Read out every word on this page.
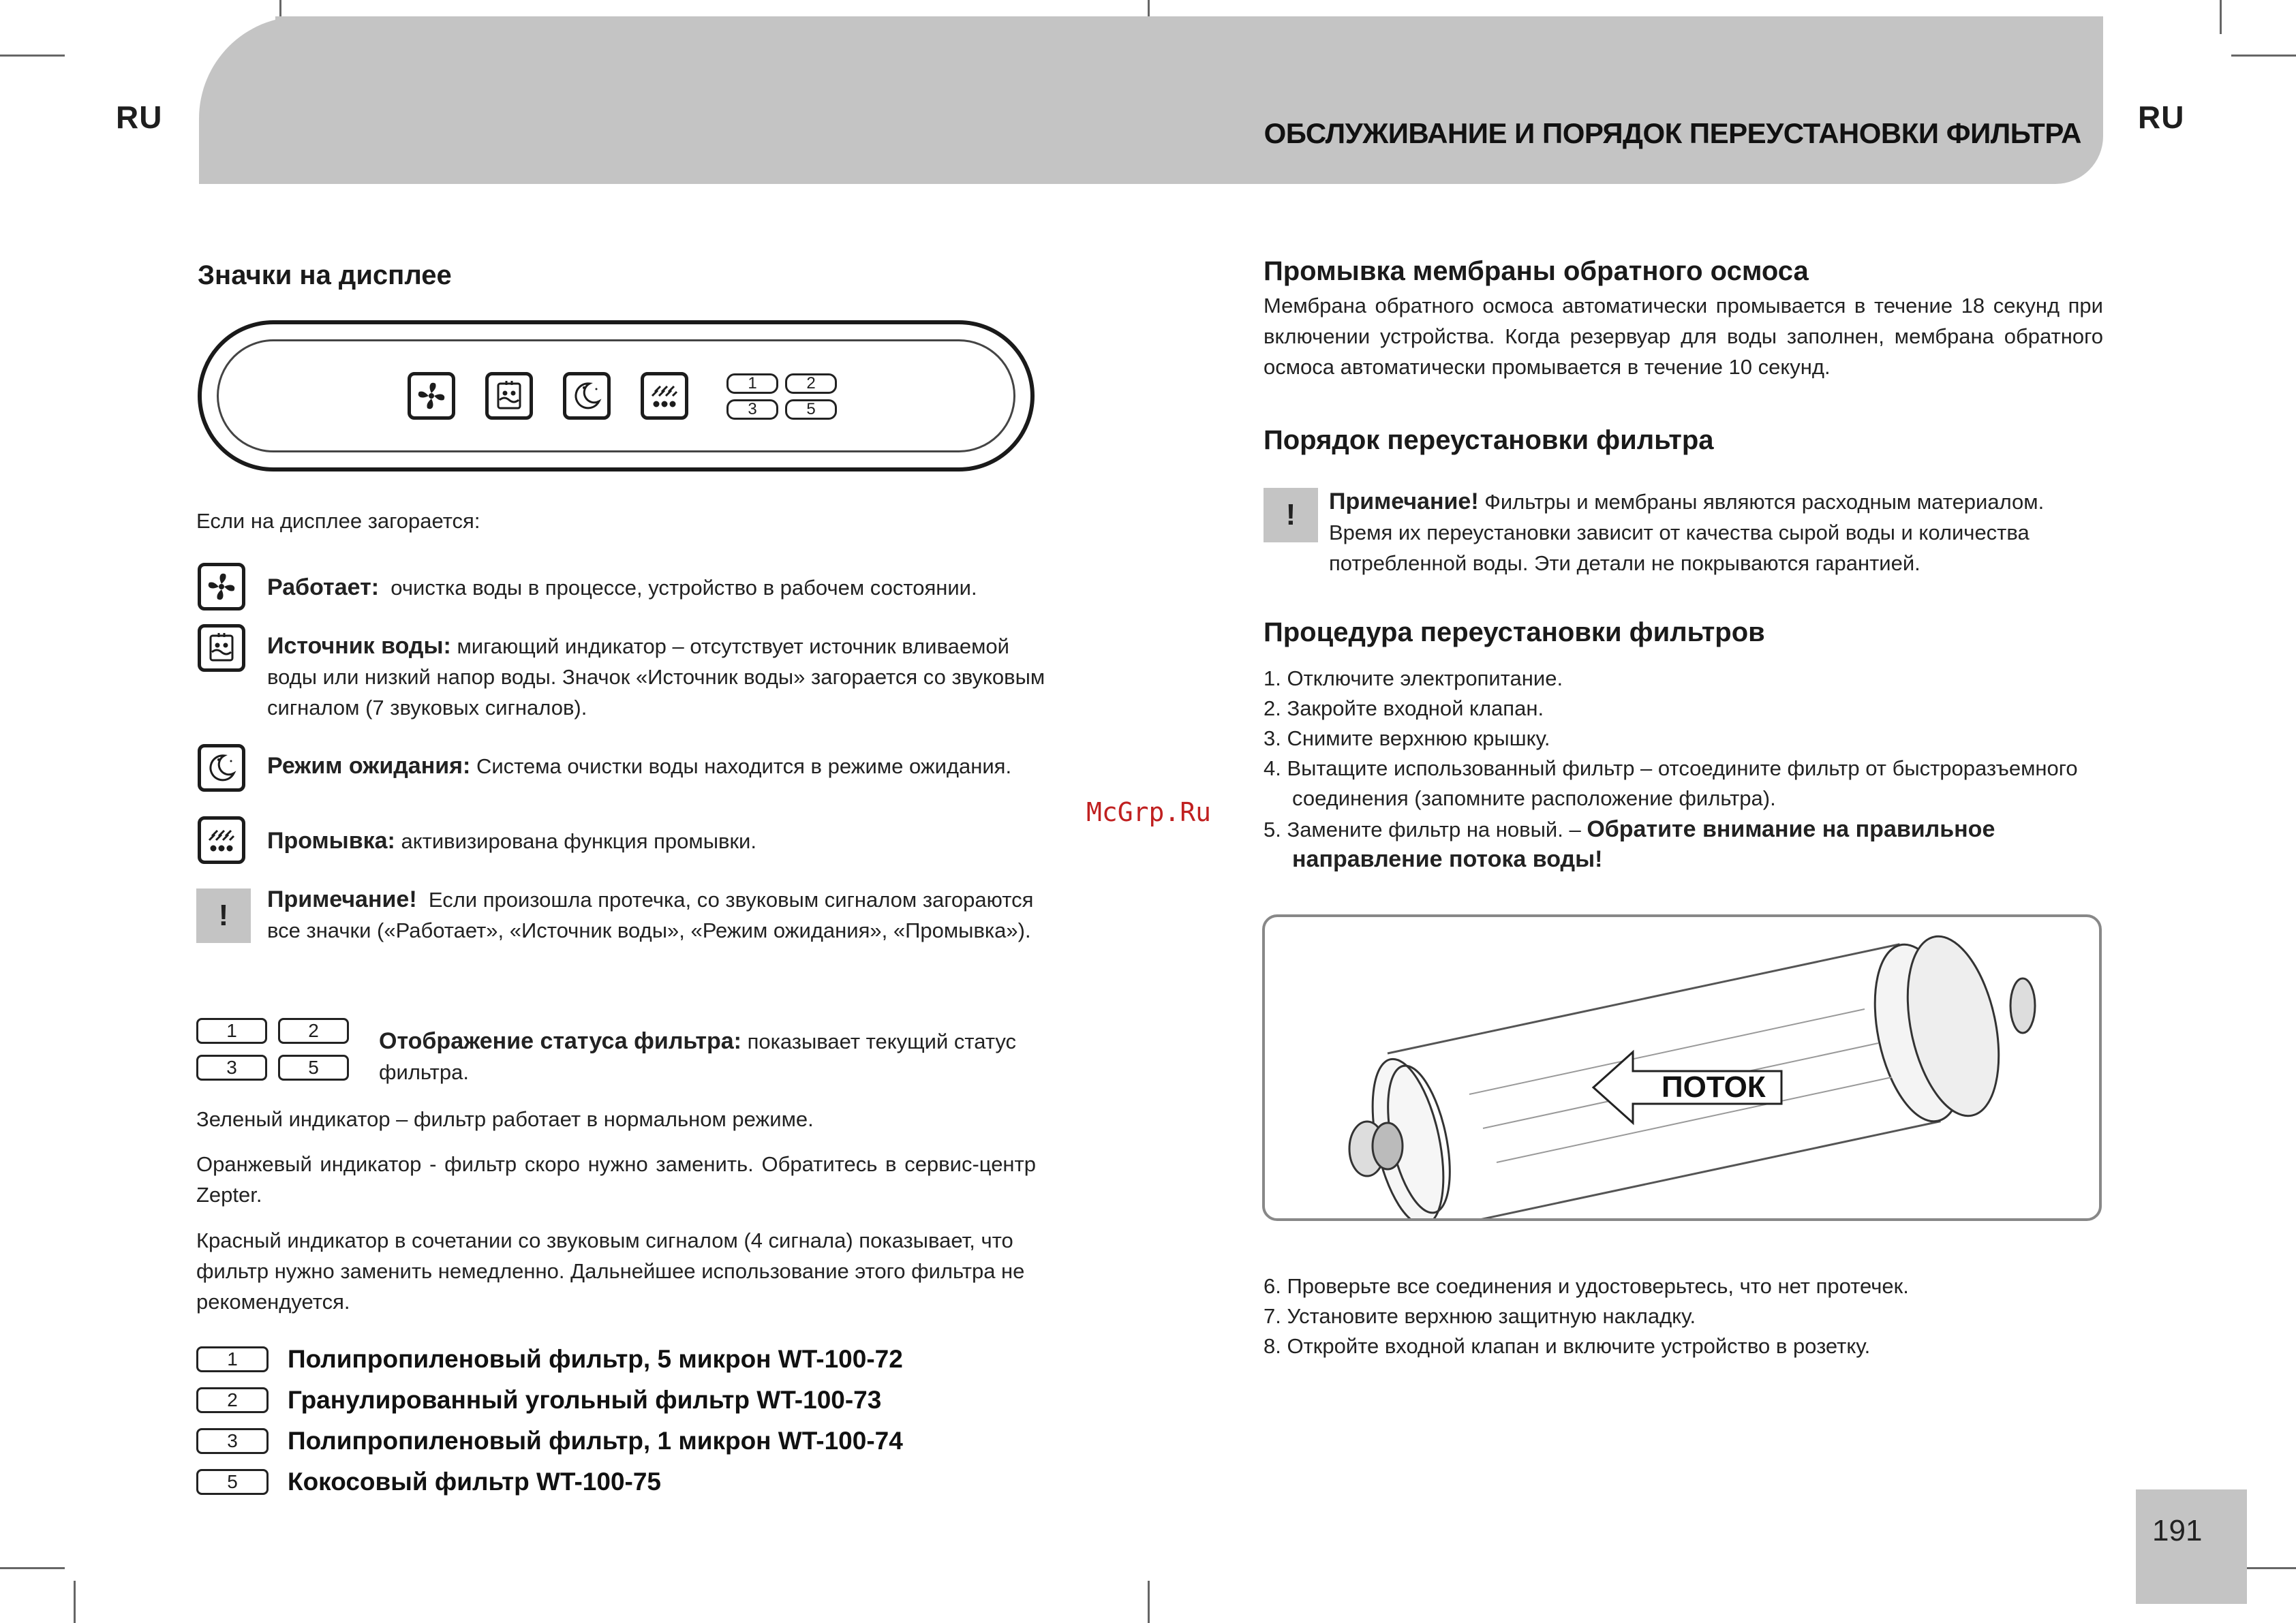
RU	RU
ОБСЛУЖИВАНИЕ И ПОРЯДОК ПЕРЕУСТАНОВКИ ФИЛЬТРА
Значки на дисплее
1	2
3	5
Если на дисплее загорается:
Работает: очистка воды в процессе, устройство в рабочем состоянии.
Источник воды: мигающий индикатор – отсутствует источник вливаемой воды или низкий напор воды. Значок «Источник воды» загорается со звуковым сигналом (7 звуковых сигналов).
Режим ожидания: Система очистки воды находится в режиме ожидания.
Промывка: активизирована функция промывки.
!	Примечание! Если произошла протечка, со звуковым сигналом загораются все значки («Работает», «Источник воды», «Режим ожидания», «Промывка»).
1	2
3	5
Отображение статуса фильтра: показывает текущий статус фильтра.
Зеленый индикатор – фильтр работает в нормальном режиме.
Оранжевый индикатор - фильтр скоро нужно заменить. Обратитесь в сервис-центр Zepter.
Красный индикатор в сочетании со звуковым сигналом (4 сигнала) показывает, что фильтр нужно заменить немедленно. Дальнейшее использование этого фильтра не рекомендуется.
1	Полипропиленовый фильтр, 5 микрон WT-100-72
2	Гранулированный угольный фильтр WT-100-73
3	Полипропиленовый фильтр, 1 микрон WT-100-74
5	Кокосовый фильтр WT-100-75
McGrp.Ru
Промывка мембраны обратного осмоса
Мембрана обратного осмоса автоматически промывается в течение 18 секунд при включении устройства. Когда резервуар для воды заполнен, мембрана обратного осмоса автоматически промывается в течение 10 секунд.
Порядок переустановки фильтра
!	Примечание! Фильтры и мембраны являются расходным материалом. Время их переустановки зависит от качества сырой воды и количества потребленной воды. Эти детали не покрываются гарантией.
Процедура переустановки фильтров
1. Отключите электропитание.
2. Закройте входной клапан.
3. Снимите верхнюю крышку.
4. Вытащите использованный фильтр – отсоедините фильтр от быстроразъемного
соединения (запомните расположение фильтра).
5. Замените фильтр на новый. – Обратите внимание на правильное
направление потока воды!
ПОТОК
6. Проверьте все соединения и удостоверьтесь, что нет протечек.
7. Установите верхнюю защитную накладку.
8. Откройте входной клапан и включите устройство в розетку.
191
